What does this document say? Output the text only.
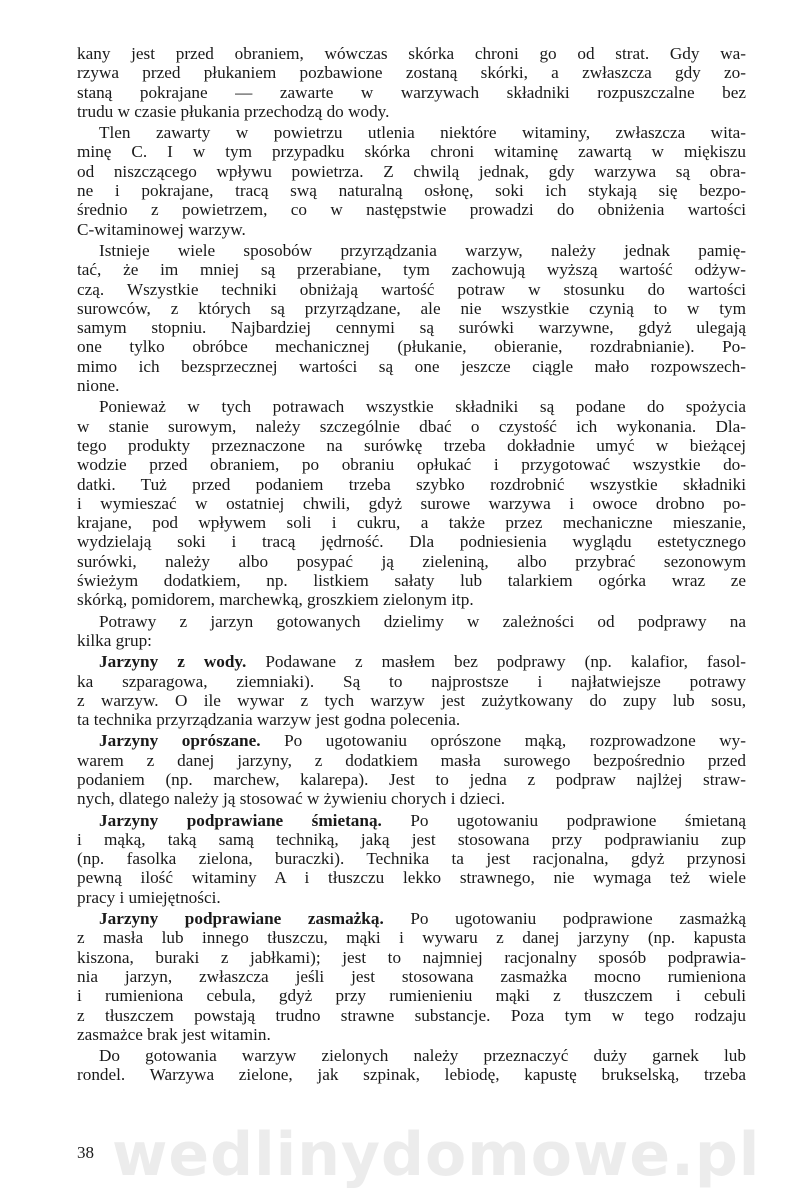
wedlinydomowe.pl
kany jest przed obraniem, wówczas skórka chroni go od strat. Gdy wa-
rzywa przed płukaniem pozbawione zostaną skórki, a zwłaszcza gdy zo-
staną pokrajane — zawarte w warzywach składniki rozpuszczalne bez
trudu w czasie płukania przechodzą do wody.
Tlen zawarty w powietrzu utlenia niektóre witaminy, zwłaszcza wita-
minę C. I w tym przypadku skórka chroni witaminę zawartą w miękiszu
od niszczącego wpływu powietrza. Z chwilą jednak, gdy warzywa są obra-
ne i pokrajane, tracą swą naturalną osłonę, soki ich stykają się bezpo-
średnio z powietrzem, co w następstwie prowadzi do obniżenia wartości
C-witaminowej warzyw.
Istnieje wiele sposobów przyrządzania warzyw, należy jednak pamię-
tać, że im mniej są przerabiane, tym zachowują wyższą wartość odżyw-
czą. Wszystkie techniki obniżają wartość potraw w stosunku do wartości
surowców, z których są przyrządzane, ale nie wszystkie czynią to w tym
samym stopniu. Najbardziej cennymi są surówki warzywne, gdyż ulegają
one tylko obróbce mechanicznej (płukanie, obieranie, rozdrabnianie). Po-
mimo ich bezsprzecznej wartości są one jeszcze ciągle mało rozpowszech-
nione.
Ponieważ w tych potrawach wszystkie składniki są podane do spożycia
w stanie surowym, należy szczególnie dbać o czystość ich wykonania. Dla-
tego produkty przeznaczone na surówkę trzeba dokładnie umyć w bieżącej
wodzie przed obraniem, po obraniu opłukać i przygotować wszystkie do-
datki. Tuż przed podaniem trzeba szybko rozdrobnić wszystkie składniki
i wymieszać w ostatniej chwili, gdyż surowe warzywa i owoce drobno po-
krajane, pod wpływem soli i cukru, a także przez mechaniczne mieszanie,
wydzielają soki i tracą jędrność. Dla podniesienia wyglądu estetycznego
surówki, należy albo posypać ją zieleniną, albo przybrać sezonowym
świeżym dodatkiem, np. listkiem sałaty lub talarkiem ogórka wraz ze
skórką, pomidorem, marchewką, groszkiem zielonym itp.
Potrawy z jarzyn gotowanych dzielimy w zależności od podprawy na
kilka grup:
Jarzyny z wody. Podawane z masłem bez podprawy (np. kalafior, fasol-
ka szparagowa, ziemniaki). Są to najprostsze i najłatwiejsze potrawy
z warzyw. O ile wywar z tych warzyw jest zużytkowany do zupy lub sosu,
ta technika przyrządzania warzyw jest godna polecenia.
Jarzyny oprószane. Po ugotowaniu oprószone mąką, rozprowadzone wy-
warem z danej jarzyny, z dodatkiem masła surowego bezpośrednio przed
podaniem (np. marchew, kalarepa). Jest to jedna z podpraw najlżej straw-
nych, dlatego należy ją stosować w żywieniu chorych i dzieci.
Jarzyny podprawiane śmietaną. Po ugotowaniu podprawione śmietaną
i mąką, taką samą techniką, jaką jest stosowana przy podprawianiu zup
(np. fasolka zielona, buraczki). Technika ta jest racjonalna, gdyż przynosi
pewną ilość witaminy A i tłuszczu lekko strawnego, nie wymaga też wiele
pracy i umiejętności.
Jarzyny podprawiane zasmażką. Po ugotowaniu podprawione zasmażką
z masła lub innego tłuszczu, mąki i wywaru z danej jarzyny (np. kapusta
kiszona, buraki z jabłkami); jest to najmniej racjonalny sposób podprawia-
nia jarzyn, zwłaszcza jeśli jest stosowana zasmażka mocno rumieniona
i rumieniona cebula, gdyż przy rumienieniu mąki z tłuszczem i cebuli
z tłuszczem powstają trudno strawne substancje. Poza tym w tego rodzaju
zasmażce brak jest witamin.
Do gotowania warzyw zielonych należy przeznaczyć duży garnek lub
rondel. Warzywa zielone, jak szpinak, lebiodę, kapustę brukselską, trzeba
38
